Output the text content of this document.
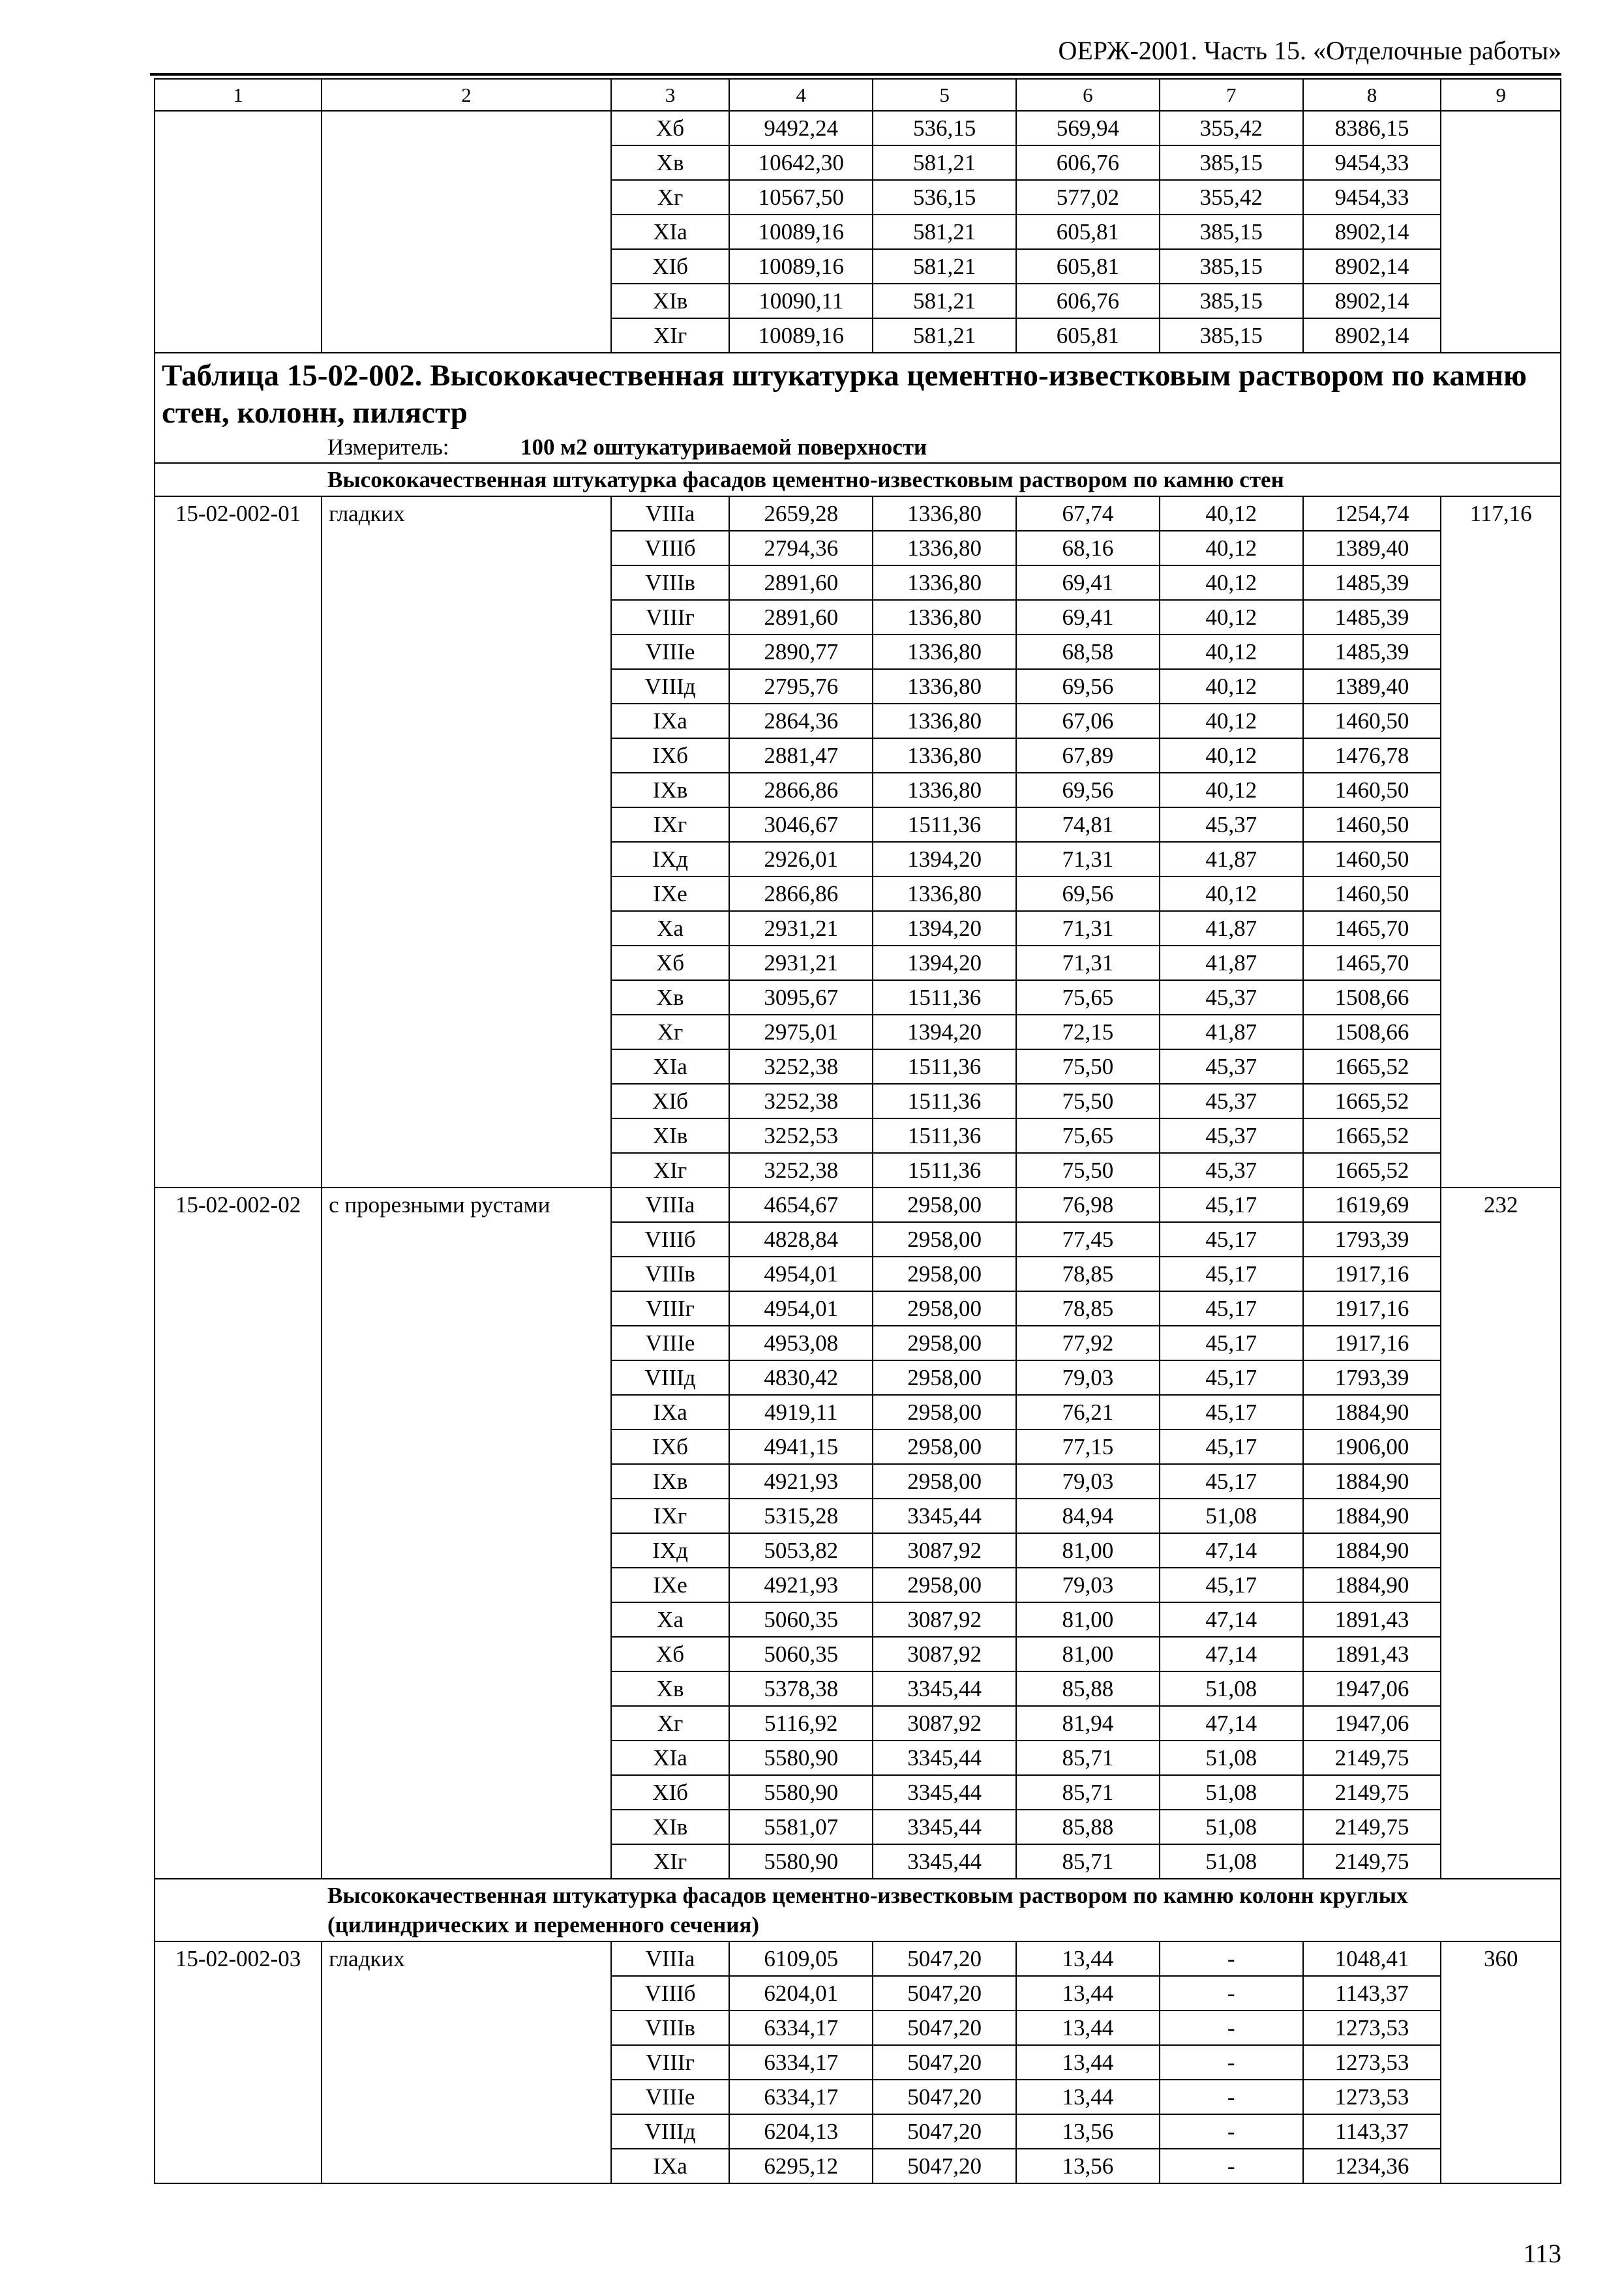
ОЕРЖ-2001. Часть 15. «Отделочные работы»
1	2	3	4	5	6	7	8	9
		Xб	9492,24	536,15	569,94	355,42	8386,15	
		Xв	10642,30	581,21	606,76	385,15	9454,33	
		Xг	10567,50	536,15	577,02	355,42	9454,33	
		XIа	10089,16	581,21	605,81	385,15	8902,14	
		XIб	10089,16	581,21	605,81	385,15	8902,14	
		XIв	10090,11	581,21	606,76	385,15	8902,14	
		XIг	10089,16	581,21	605,81	385,15	8902,14	

Таблица 15-02-002. Высококачественная штукатурка цементно-известковым раствором по камню стен, колонн, пилястр
Измеритель: 100 м2 оштукатуриваемой поверхности								

Высококачественная штукатурка фасадов цементно-известковым раствором по камню стен								
15-02-002-01	гладких	VIIIа	2659,28	1336,80	67,74	40,12	1254,74	117,16
		VIIIб	2794,36	1336,80	68,16	40,12	1389,40	
		VIIIв	2891,60	1336,80	69,41	40,12	1485,39	
		VIIIг	2891,60	1336,80	69,41	40,12	1485,39	
		VIIIе	2890,77	1336,80	68,58	40,12	1485,39	
		VIIIд	2795,76	1336,80	69,56	40,12	1389,40	
		IXа	2864,36	1336,80	67,06	40,12	1460,50	
		IXб	2881,47	1336,80	67,89	40,12	1476,78	
		IXв	2866,86	1336,80	69,56	40,12	1460,50	
		IXг	3046,67	1511,36	74,81	45,37	1460,50	
		IXд	2926,01	1394,20	71,31	41,87	1460,50	
		IXе	2866,86	1336,80	69,56	40,12	1460,50	
		Xа	2931,21	1394,20	71,31	41,87	1465,70	
		Xб	2931,21	1394,20	71,31	41,87	1465,70	
		Xв	3095,67	1511,36	75,65	45,37	1508,66	
		Xг	2975,01	1394,20	72,15	41,87	1508,66	
		XIа	3252,38	1511,36	75,50	45,37	1665,52	
		XIб	3252,38	1511,36	75,50	45,37	1665,52	
		XIв	3252,53	1511,36	75,65	45,37	1665,52	
		XIг	3252,38	1511,36	75,50	45,37	1665,52	
15-02-002-02	с прорезными рустами	VIIIа	4654,67	2958,00	76,98	45,17	1619,69	232
		VIIIб	4828,84	2958,00	77,45	45,17	1793,39	
		VIIIв	4954,01	2958,00	78,85	45,17	1917,16	
		VIIIг	4954,01	2958,00	78,85	45,17	1917,16	
		VIIIе	4953,08	2958,00	77,92	45,17	1917,16	
		VIIIд	4830,42	2958,00	79,03	45,17	1793,39	
		IXа	4919,11	2958,00	76,21	45,17	1884,90	
		IXб	4941,15	2958,00	77,15	45,17	1906,00	
		IXв	4921,93	2958,00	79,03	45,17	1884,90	
		IXг	5315,28	3345,44	84,94	51,08	1884,90	
		IXд	5053,82	3087,92	81,00	47,14	1884,90	
		IXе	4921,93	2958,00	79,03	45,17	1884,90	
		Xа	5060,35	3087,92	81,00	47,14	1891,43	
		Xб	5060,35	3087,92	81,00	47,14	1891,43	
		Xв	5378,38	3345,44	85,88	51,08	1947,06	
		Xг	5116,92	3087,92	81,94	47,14	1947,06	
		XIа	5580,90	3345,44	85,71	51,08	2149,75	
		XIб	5580,90	3345,44	85,71	51,08	2149,75	
		XIв	5581,07	3345,44	85,88	51,08	2149,75	
		XIг	5580,90	3345,44	85,71	51,08	2149,75	
Высококачественная штукатурка фасадов цементно-известковым раствором по камню колонн круглых (цилиндрических и переменного сечения)								
15-02-002-03	гладких	VIIIа	6109,05	5047,20	13,44	-	1048,41	360
		VIIIб	6204,01	5047,20	13,44	-	1143,37	
		VIIIв	6334,17	5047,20	13,44	-	1273,53	
		VIIIг	6334,17	5047,20	13,44	-	1273,53	
		VIIIе	6334,17	5047,20	13,44	-	1273,53	
		VIIIд	6204,13	5047,20	13,56	-	1143,37	
		IXа	6295,12	5047,20	13,56	-	1234,36	
113
